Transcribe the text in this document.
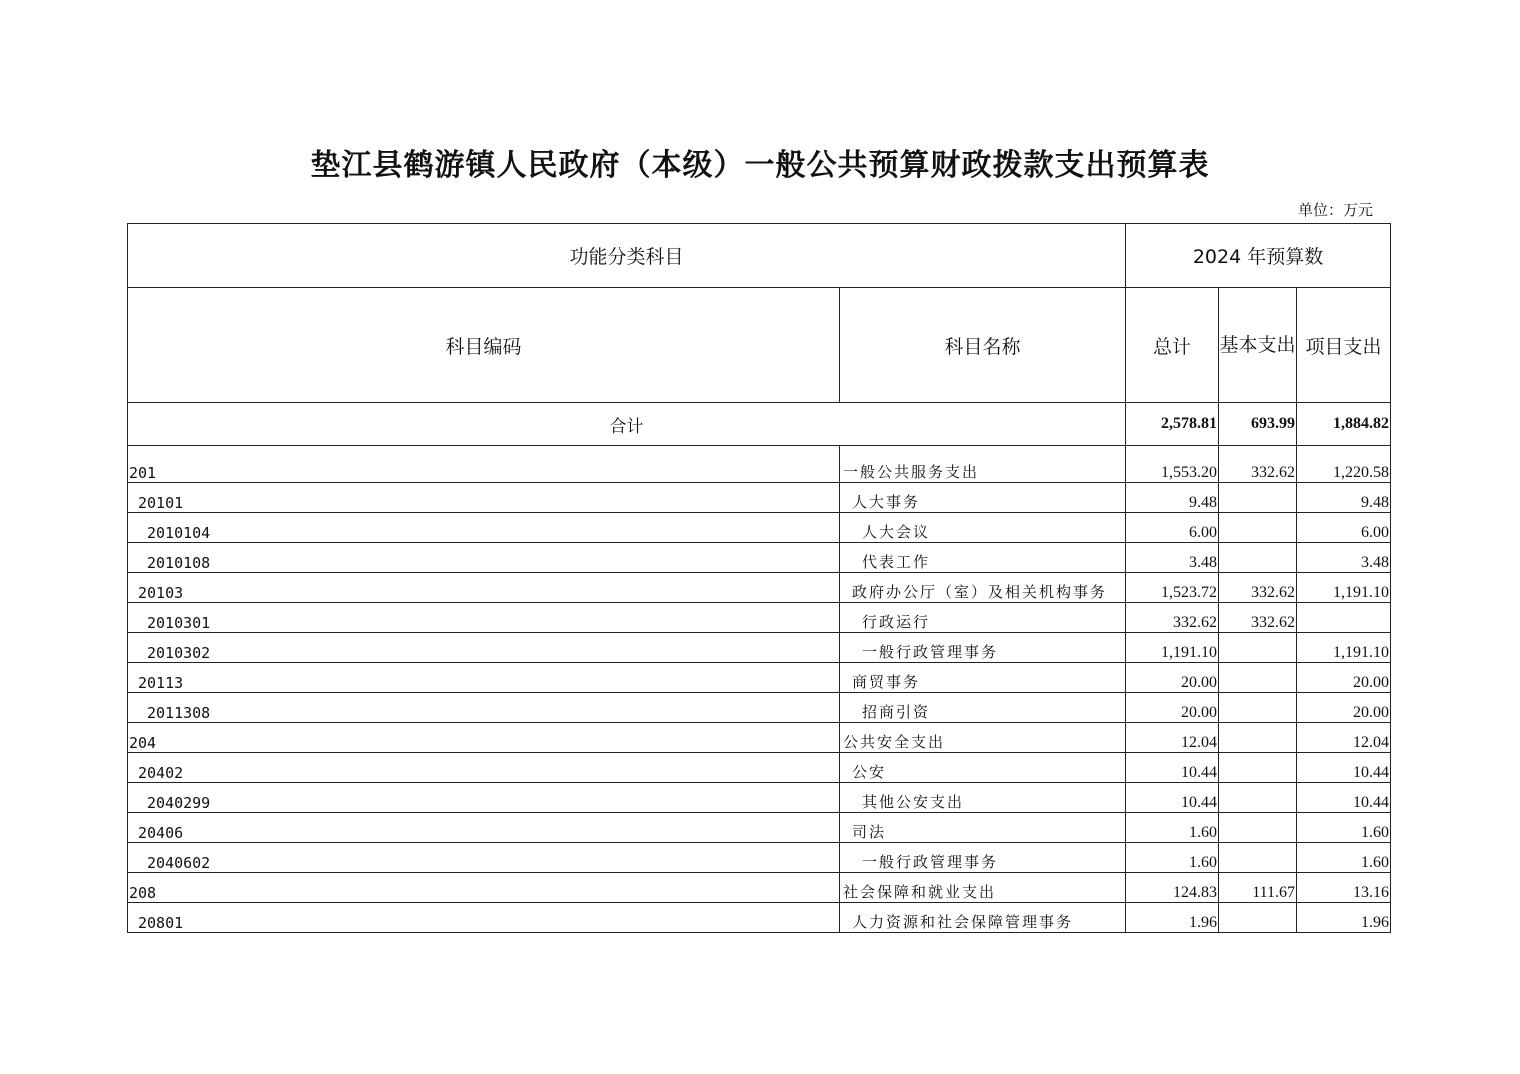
垫江县鹤游镇人民政府（本级）一般公共预算财政拨款支出预算表
单位：万元
功能分类科目		2024 年预算数		
科目编码	科目名称	总计	基本支出	项目支出
合计		2,578.81	693.99	1,884.82
201	一般公共服务支出	1,553.20	332.62	1,220.58
20101	人大事务	9.48		9.48
2010104	人大会议	6.00		6.00
2010108	代表工作	3.48		3.48
20103	政府办公厅（室）及相关机构事务	1,523.72	332.62	1,191.10
2010301	行政运行	332.62	332.62	
2010302	一般行政管理事务	1,191.10		1,191.10
20113	商贸事务	20.00		20.00
2011308	招商引资	20.00		20.00
204	公共安全支出	12.04		12.04
20402	公安	10.44		10.44
2040299	其他公安支出	10.44		10.44
20406	司法	1.60		1.60
2040602	一般行政管理事务	1.60		1.60
208	社会保障和就业支出	124.83	111.67	13.16
20801	人力资源和社会保障管理事务	1.96		1.96
